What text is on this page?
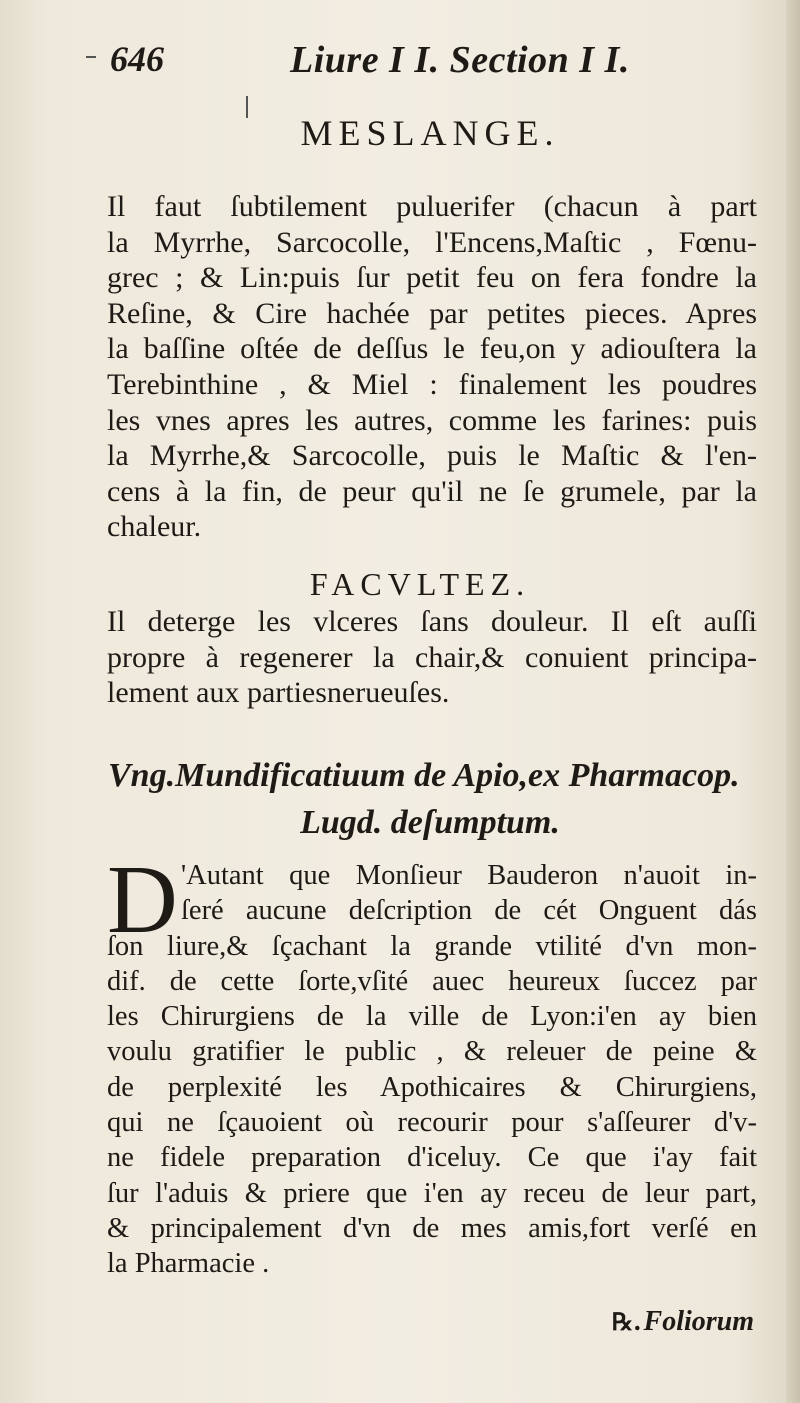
646	Liure I I. Section I I.
MESLANGE.
Il faut ſubtilement puluerifer (chacun à part
la Myrrhe, Sarcocolle, l'Encens,Maſtic , Fœnu-
grec ; & Lin:puis ſur petit feu on fera fondre la
Reſine, & Cire hachée par petites pieces. Apres
la baſſine oſtée de deſſus le feu,on y adiouſtera la
Terebinthine , & Miel : finalement les poudres
les vnes apres les autres, comme les farines: puis
la Myrrhe,& Sarcocolle, puis le Maſtic & l'en-
cens à la fin, de peur qu'il ne ſe grumele, par la
chaleur.
FACVLTEZ.
Il deterge les vlceres ſans douleur. Il eſt auſſi
propre à regenerer la chair,& conuient principa-
lement aux partiesnerueuſes.
Vng.Mundificatiuum de Apio,ex Pharmacop.
Lugd. deſumptum.
D 'Autant que Monſieur Bauderon n'auoit in-
ſeré aucune deſcription de cét Onguent dás
ſon liure,& ſçachant la grande vtilité d'vn mon-
dif. de cette ſorte,vſité auec heureux ſuccez par
les Chirurgiens de la ville de Lyon:i'en ay bien
voulu gratifier le public , & releuer de peine &
de perplexité les Apothicaires & Chirurgiens,
qui ne ſçauoient où recourir pour s'aſſeurer d'v-
ne fidele preparation d'iceluy. Ce que i'ay fait
ſur l'aduis & priere que i'en ay receu de leur part,
& principalement d'vn de mes amis,fort verſé en
la Pharmacie .
℞.Foliorum
